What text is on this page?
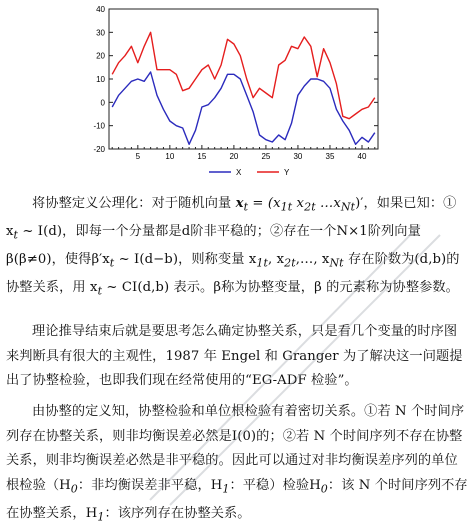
-20
-10
0
10
20
30
40
5	10	15	20	25	30	35	40
X	Y
将协整定义公理化：对于随机向量 $x_t = (x_{1t}$ $x_{2t}$ $\dots x_{Nt})'$，如果已知：① $x_t$ ~ I(d)，即每一个分量都是d阶非平稳的；②存在一个N×1阶列向量β(β≠0)，使得$\beta'x_t$ ~ I(d−b)，则称变量 $x_{1t}$, $x_{2t},\dots$, $x_{Nt}$ 存在阶数为(d,b)的协整关系，用 $x_t$ ~ CI(d,b) 表示。β称为协整变量，β 的元素称为协整参数。
理论推导结束后就是要思考怎么确定协整关系，只是看几个变量的时序图来判断具有很大的主观性，1987 年 Engel 和 Granger 为了解决这一问题提出了协整检验，也即我们现在经常使用的“EG-ADF 检验”。
由协整的定义知，协整检验和单位根检验有着密切关系。①若 N 个时间序列存在协整关系，则非均衡误差必然是I(0)的；②若 N 个时间序列不存在协整关系，则非均衡误差必然是非平稳的。因此可以通过对非均衡误差序列的单位根检验（$H_0$：非均衡误差非平稳，$H_1$：平稳）检验$H_0$：该 N 个时间序列不存在协整关系，$H_1$：该序列存在协整关系。
